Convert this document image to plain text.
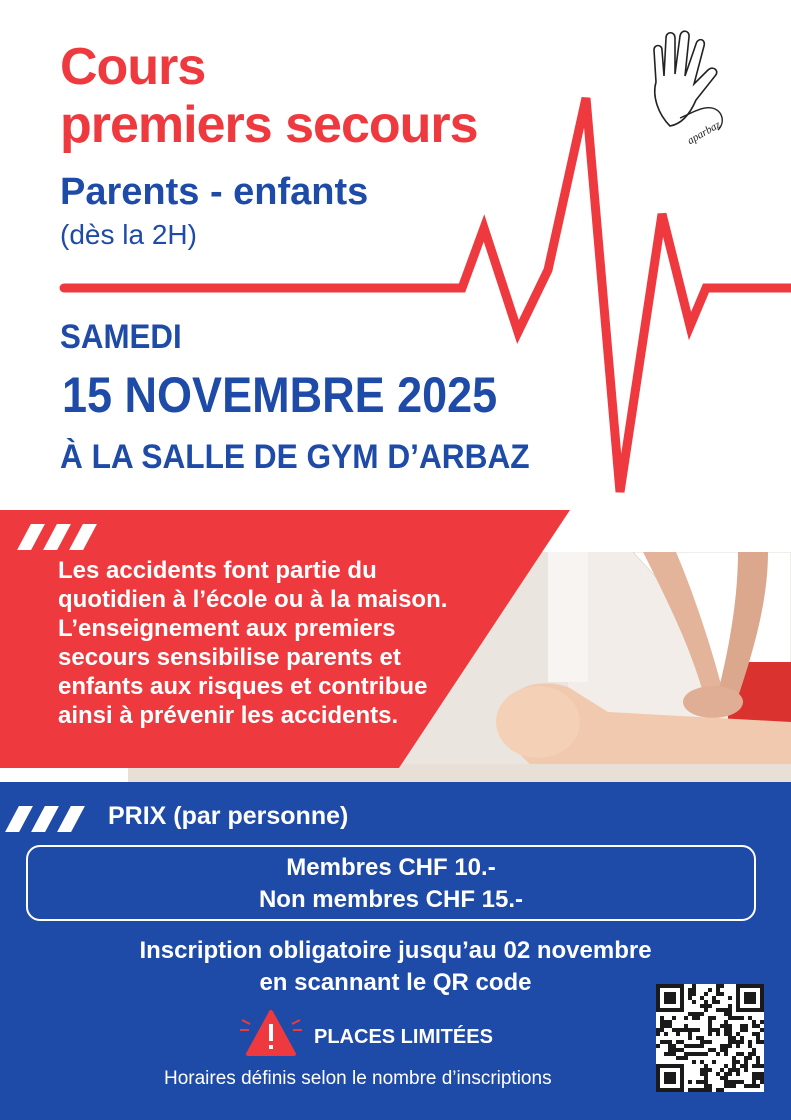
Cours
premiers secours
Parents - enfants
(dès la 2H)
aparbaz
SAMEDI
15 NOVEMBRE 2025
À LA SALLE DE GYM D’ARBAZ
Les accidents font partie du
quotidien à l’école ou à la maison.
L’enseignement aux premiers
secours sensibilise parents et
enfants aux risques et contribue
ainsi à prévenir les accidents.
PRIX (par personne)
Membres CHF 10.-
Non membres CHF 15.-
Inscription obligatoire jusqu’au 02 novembre
en scannant le QR code
PLACES LIMITÉES
Horaires définis selon le nombre d’inscriptions
